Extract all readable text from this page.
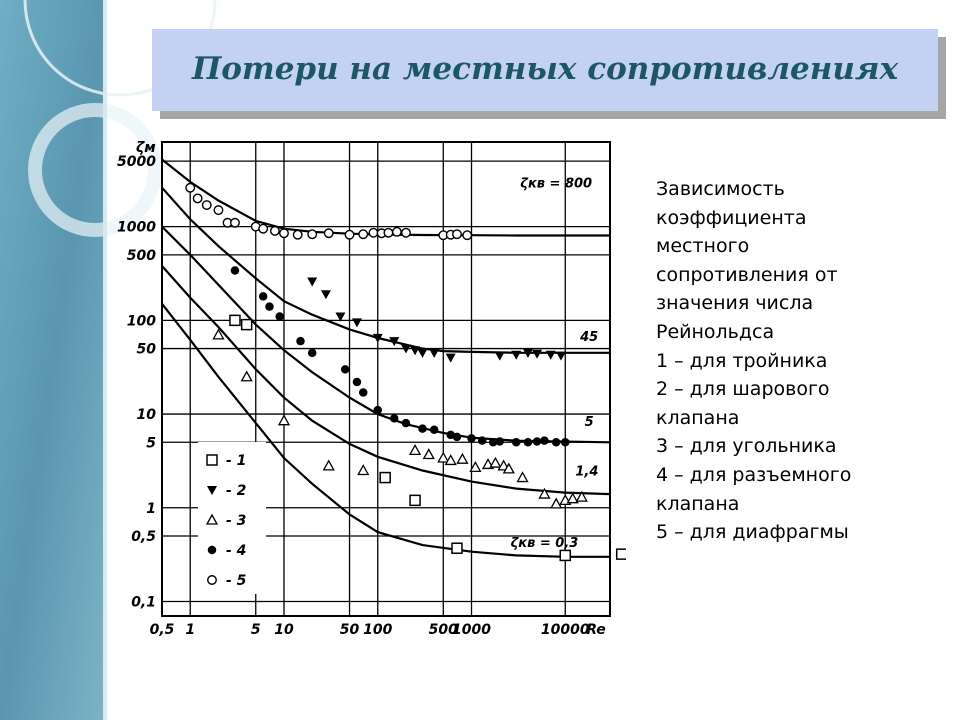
Потери на местных сопротивлениях
0,5 1	5 10	50 100	500
1000	10000
5000
1000
500
100
50
10
5
1
0,5
0,1
ζм
Re
ζкв = 800
45
5
1,4
ζкв = 0,3
- 1
- 2
- 3
- 4
- 5
Зависимость
коэффициента
местного
сопротивления от
значения числа
Рейнольдса
1 – для тройника
2 – для шарового
клапана
3 – для угольника
4 – для разъемного
клапана
5 – для диафрагмы
